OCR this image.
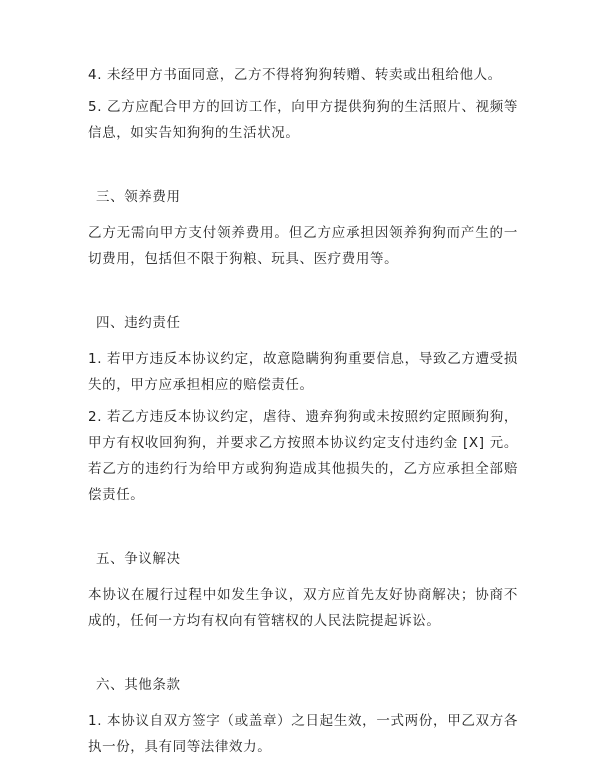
4. 未经甲方书面同意，乙方不得将狗狗转赠、转卖或出租给他人。

5. 乙方应配合甲方的回访工作，向甲方提供狗狗的生活照片、视频等信息，如实告知狗狗的生活状况。

三、领养费用

乙方无需向甲方支付领养费用。但乙方应承担因领养狗狗而产生的一切费用，包括但不限于狗粮、玩具、医疗费用等。

四、违约责任

1. 若甲方违反本协议约定，故意隐瞒狗狗重要信息，导致乙方遭受损失的，甲方应承担相应的赔偿责任。

2. 若乙方违反本协议约定，虐待、遗弃狗狗或未按照约定照顾狗狗，甲方有权收回狗狗，并要求乙方按照本协议约定支付违约金 [X] 元。若乙方的违约行为给甲方或狗狗造成其他损失的，乙方应承担全部赔偿责任。

五、争议解决

本协议在履行过程中如发生争议，双方应首先友好协商解决；协商不成的，任何一方均有权向有管辖权的人民法院提起诉讼。

六、其他条款

1. 本协议自双方签字（或盖章）之日起生效，一式两份，甲乙双方各执一份，具有同等法律效力。
